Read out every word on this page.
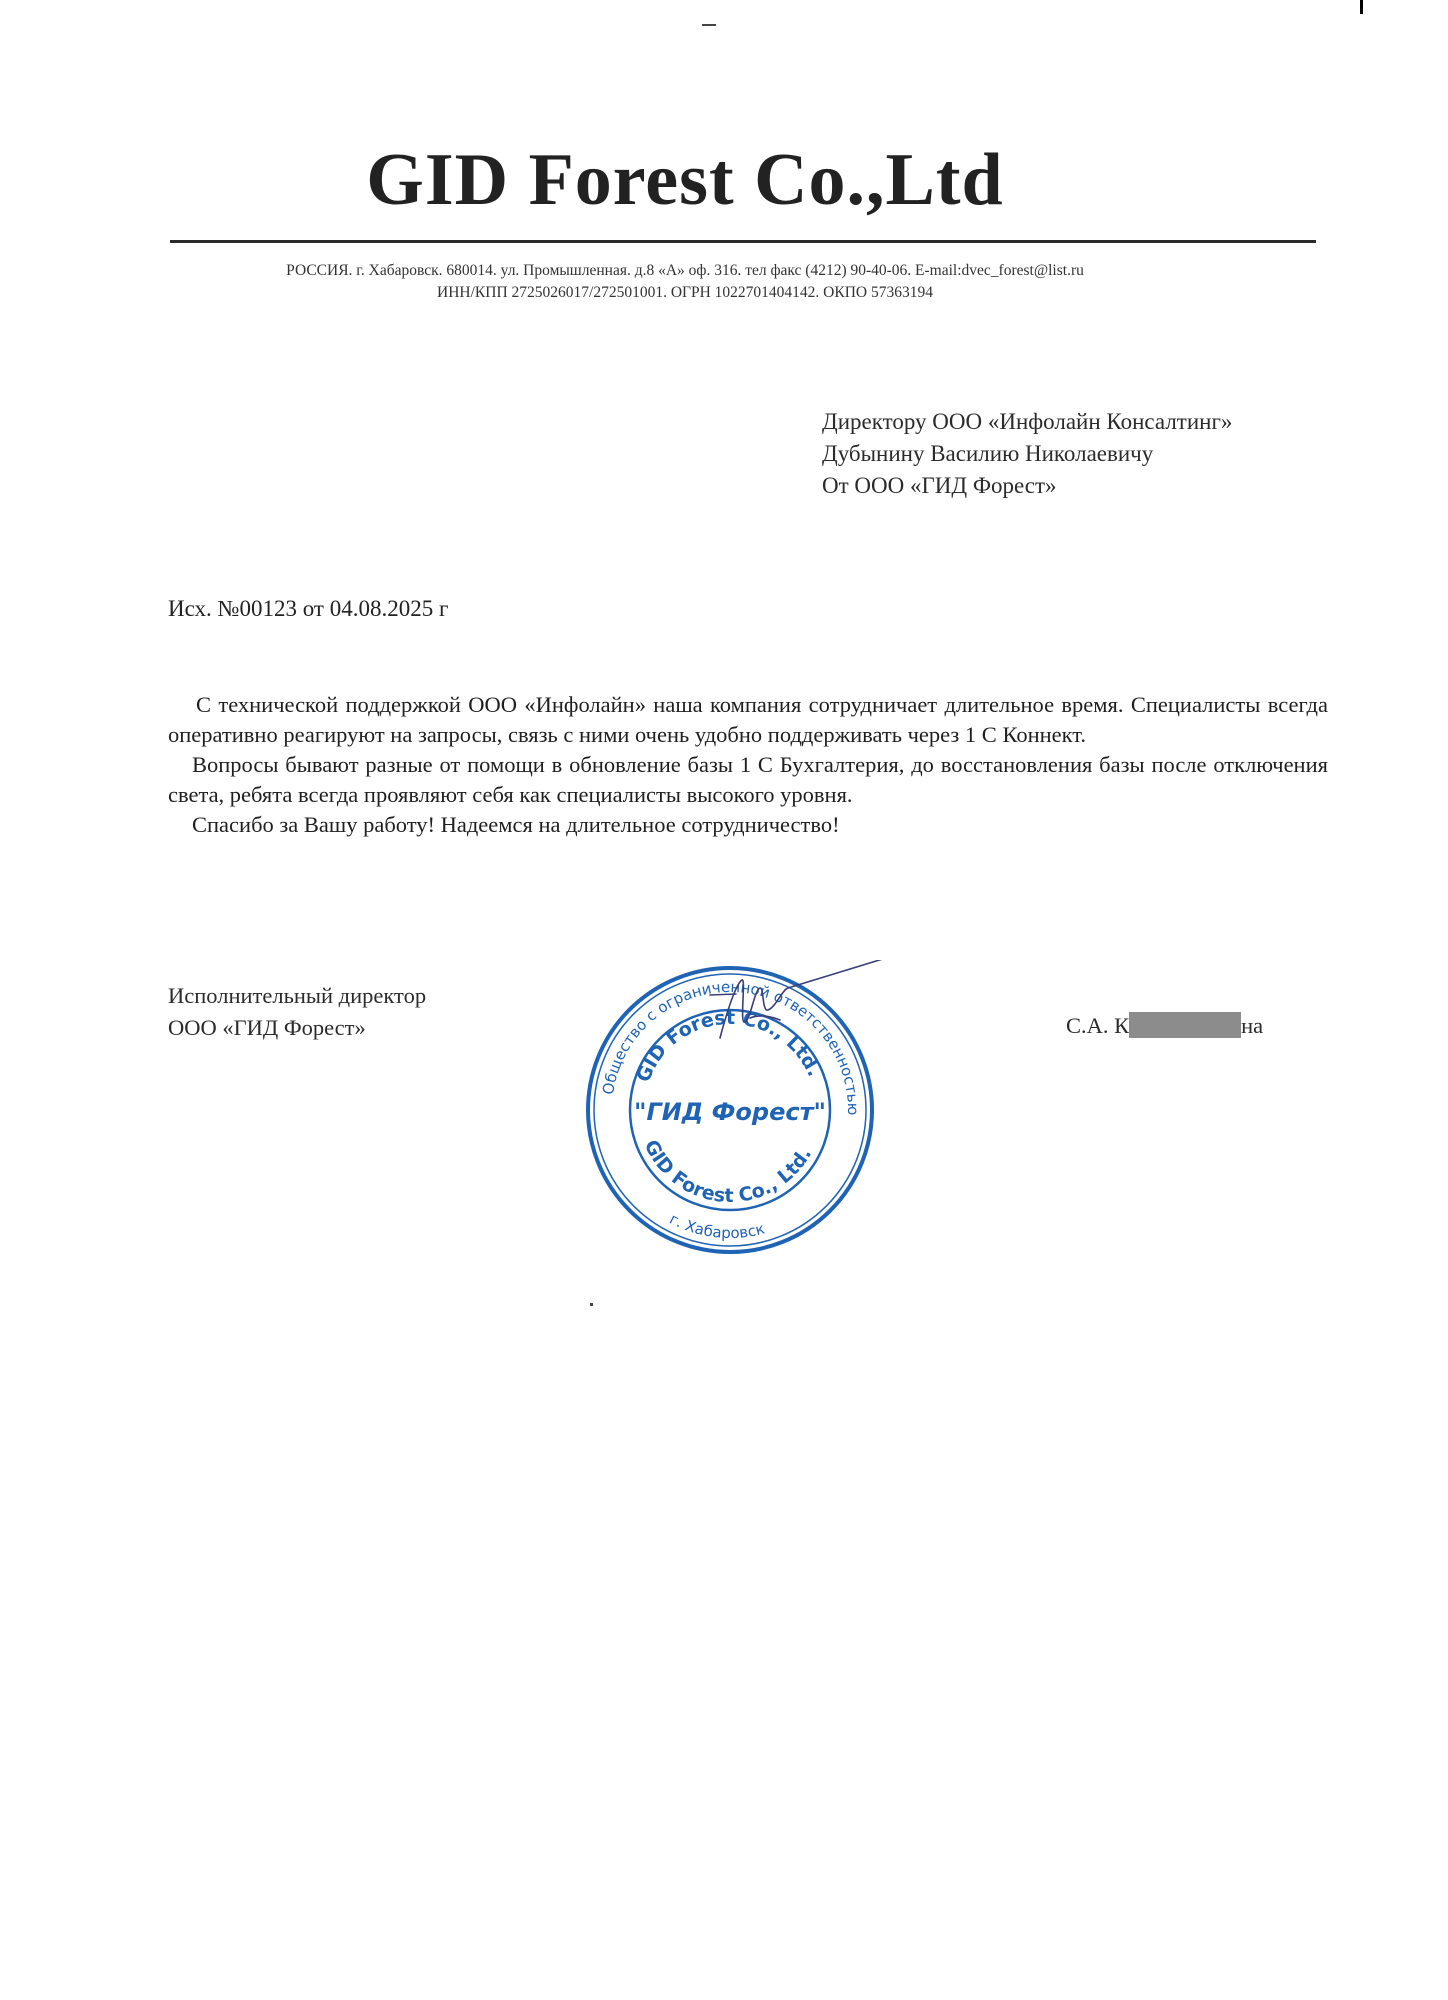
GID Forest Co.,Ltd
РОССИЯ. г. Хабаровск. 680014. ул. Промышленная. д.8 «А» оф. 316. тел факс (4212) 90-40-06. E-mail:dvec_forest@list.ru
ИНН/КПП 2725026017/272501001. ОГРН 1022701404142. ОКПО 57363194
Директору ООО «Инфолайн Консалтинг»
Дубынину Василию Николаевичу
От ООО «ГИД Форест»
Исх. №00123 от 04.08.2025 г

С технической поддержкой ООО «Инфолайн» наша компания сотрудничает длительное время. Специалисты всегда оперативно реагируют на запросы, связь с ними очень удобно поддерживать через 1 С Коннект.

Вопросы бывают разные от помощи в обновление базы 1 С Бухгалтерия, до восстановления базы после отключения света, ребята всегда проявляют себя как специалисты высокого уровня.

Спасибо за Вашу работу! Надеемся на длительное сотрудничество!

Исполнительный директор
ООО «ГИД Форест»	С.А. К	на
Общество с ограниченной ответственностью
GID Forest Co., Ltd.
GID Forest Co., Ltd.
г. Хабаровск
"ГИД Форест"
